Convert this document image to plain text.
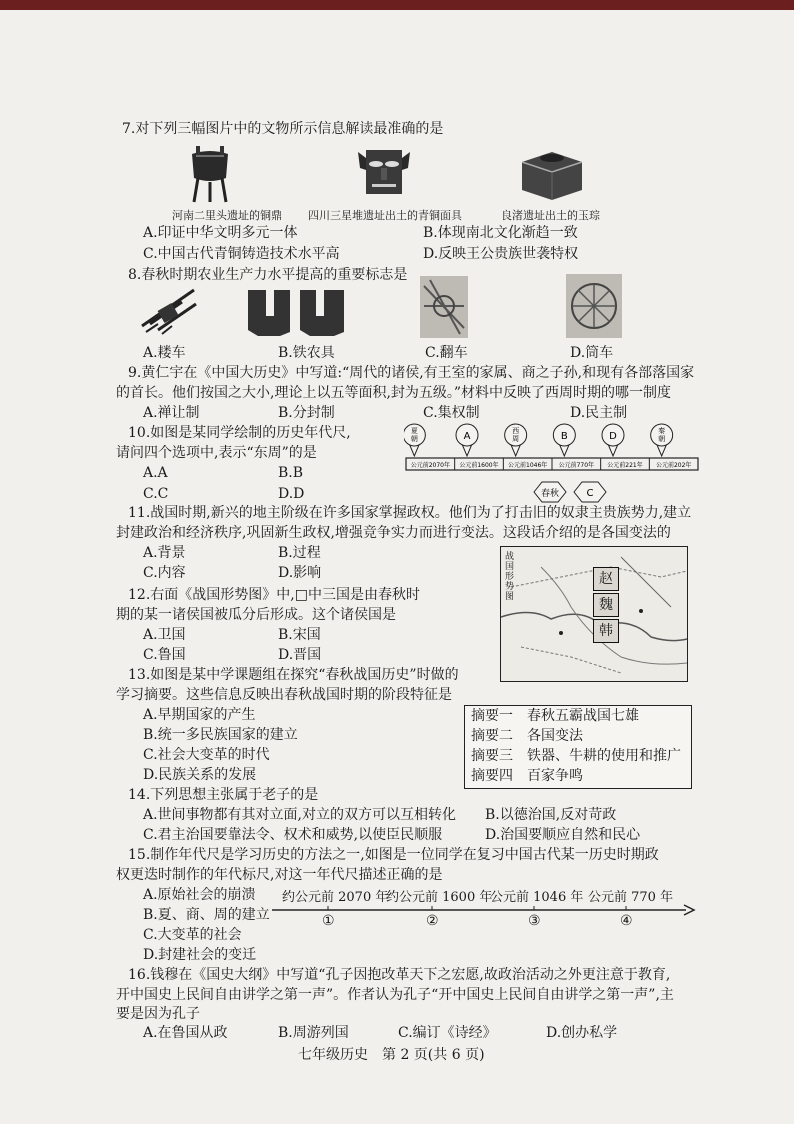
7.对下列三幅图片中的文物所示信息解读最准确的是
河南二里头遗址的铜鼎 四川三星堆遗址出土的青铜面具	良渚遗址出土的玉琮
A.印证中华文明多元一体	B.体现南北文化渐趋一致
C.中国古代青铜铸造技术水平高	D.反映王公贵族世袭特权
8.春秋时期农业生产力水平提高的重要标志是
A.耧车	B.铁农具	C.翻车	D.筒车
9.黄仁宇在《中国大历史》中写道:“周代的诸侯,有王室的家属、商之子孙,和现有各部落国家
的首长。他们按国之大小,理论上以五等面积,封为五级。”材料中反映了西周时期的哪一制度
A.禅让制	B.分封制	C.集权制	D.民主制
10.如图是某同学绘制的历史年代尺,
请问四个选项中,表示“东周”的是
A.A	B.B
C.C	D.D
夏朝	A	西周	B	D	秦朝
公元前2070年 公元前1600年 公元前1046年 公元前770年 公元前221年 公元前202年
春秋	C
11.战国时期,新兴的地主阶级在许多国家掌握政权。他们为了打击旧的奴隶主贵族势力,建立
封建政治和经济秩序,巩固新生政权,增强竞争实力而进行变法。这段话介绍的是各国变法的
A.背景	B.过程
C.内容	D.影响
战国形势图
赵
魏
韩
12.右面《战国形势图》中,□中三国是由春秋时
期的某一诸侯国被瓜分后形成。这个诸侯国是
A.卫国	B.宋国
C.鲁国	D.晋国
13.如图是某中学课题组在探究“春秋战国历史”时做的
学习摘要。这些信息反映出春秋战国时期的阶段特征是
A.早期国家的产生
B.统一多民族国家的建立
C.社会大变革的时代
D.民族关系的发展
摘要一　春秋五霸战国七雄
摘要二　各国变法
摘要三　铁器、牛耕的使用和推广
摘要四　百家争鸣
14.下列思想主张属于老子的是
A.世间事物都有其对立面,对立的双方可以互相转化 B.以德治国,反对苛政
C.君主治国要靠法令、权术和威势,以使臣民顺服	D.治国要顺应自然和民心
15.制作年代尺是学习历史的方法之一,如图是一位同学在复习中国古代某一历史时期政
权更迭时制作的年代标尺,对这一年代尺描述正确的是
A.原始社会的崩溃
B.夏、商、周的建立
C.大变革的社会
D.封建社会的变迁
约公元前 2070 年
约公元前 1600 年
公元前 1046 年 公元前 770 年
①	②	③	④
16.钱穆在《国史大纲》中写道“孔子因抱改革天下之宏愿,故政治活动之外更注意于教育,
开中国史上民间自由讲学之第一声”。作者认为孔子“开中国史上民间自由讲学之第一声”,主
要是因为孔子
A.在鲁国从政	B.周游列国	C.编订《诗经》	D.创办私学
七年级历史　第 2 页(共 6 页)
